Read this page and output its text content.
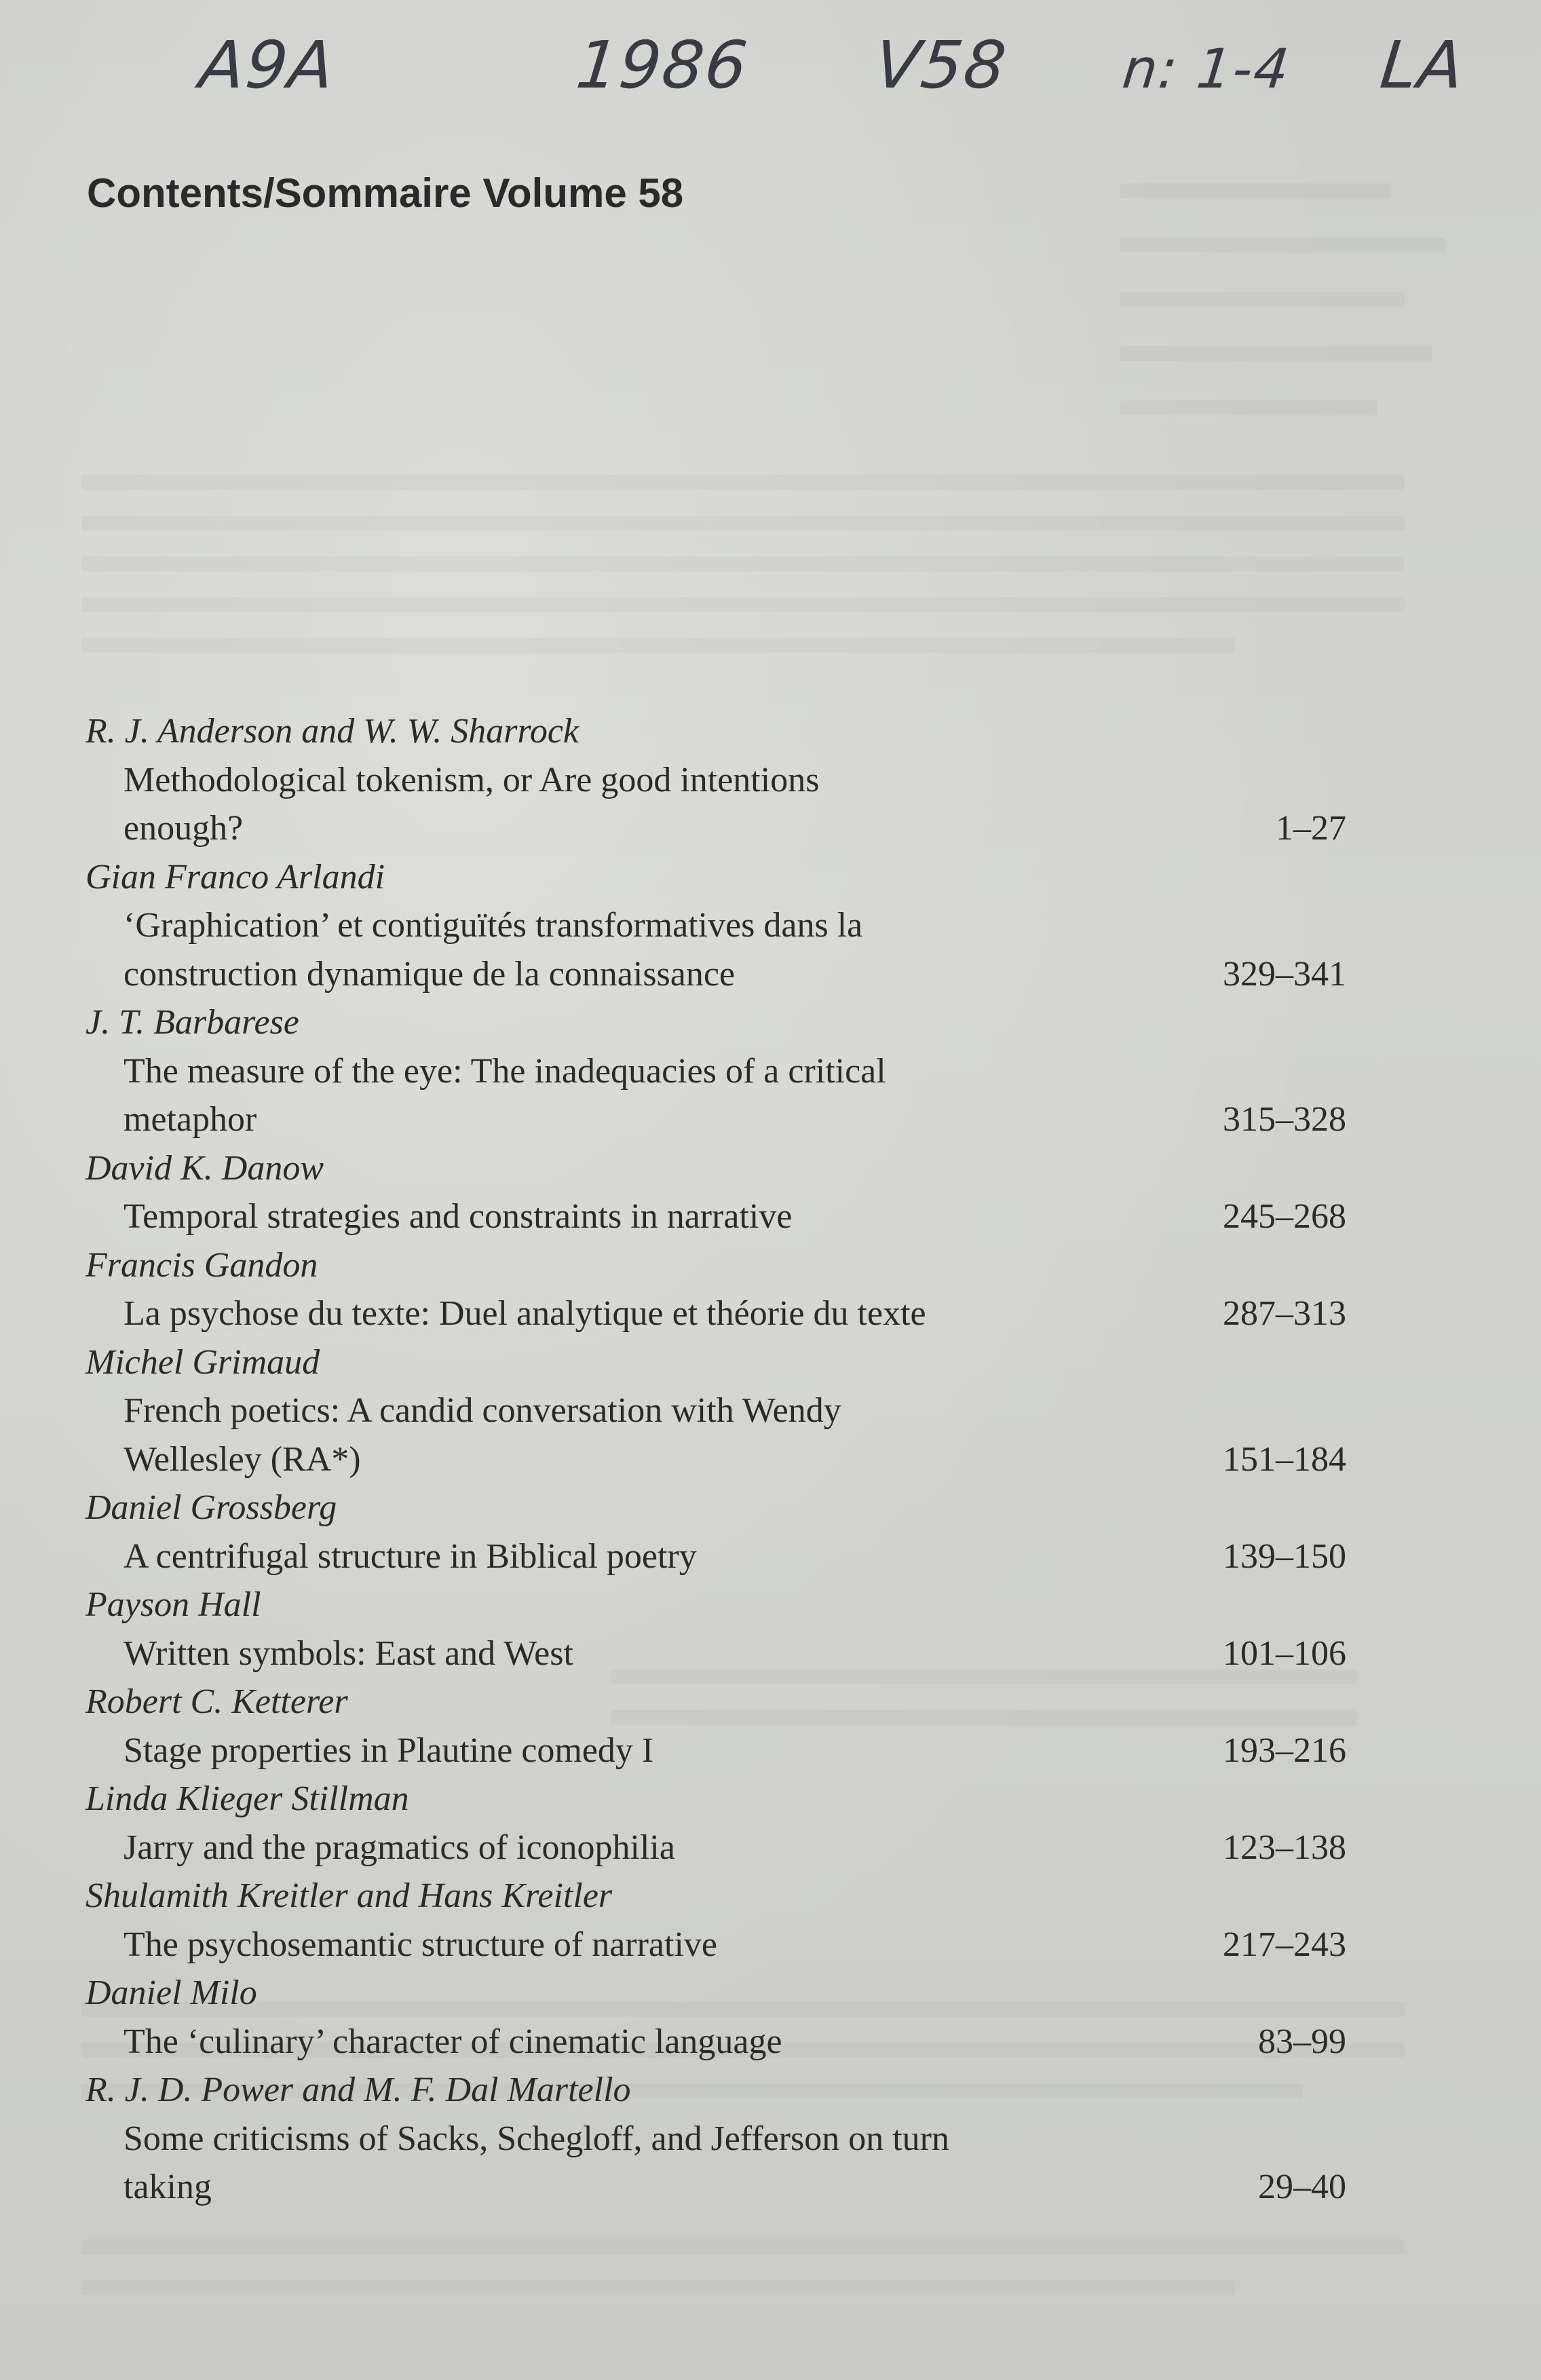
A9A	1986 V58 n: 1-4 LA
Contents/Sommaire Volume 58
R. J. Anderson and W. W. Sharrock
Methodological tokenism, or Are good intentions
enough?	1–27
Gian Franco Arlandi
‘Graphication’ et contiguïtés transformatives dans la
construction dynamique de la connaissance	329–341
J. T. Barbarese
The measure of the eye: The inadequacies of a critical
metaphor	315–328
David K. Danow
Temporal strategies and constraints in narrative	245–268
Francis Gandon
La psychose du texte: Duel analytique et théorie du texte	287–313
Michel Grimaud
French poetics: A candid conversation with Wendy
Wellesley (RA*)	151–184
Daniel Grossberg
A centrifugal structure in Biblical poetry	139–150
Payson Hall
Written symbols: East and West	101–106
Robert C. Ketterer
Stage properties in Plautine comedy I	193–216
Linda Klieger Stillman
Jarry and the pragmatics of iconophilia	123–138
Shulamith Kreitler and Hans Kreitler
The psychosemantic structure of narrative	217–243
Daniel Milo
The ‘culinary’ character of cinematic language	83–99
R. J. D. Power and M. F. Dal Martello
Some criticisms of Sacks, Schegloff, and Jefferson on turn
taking	29–40
